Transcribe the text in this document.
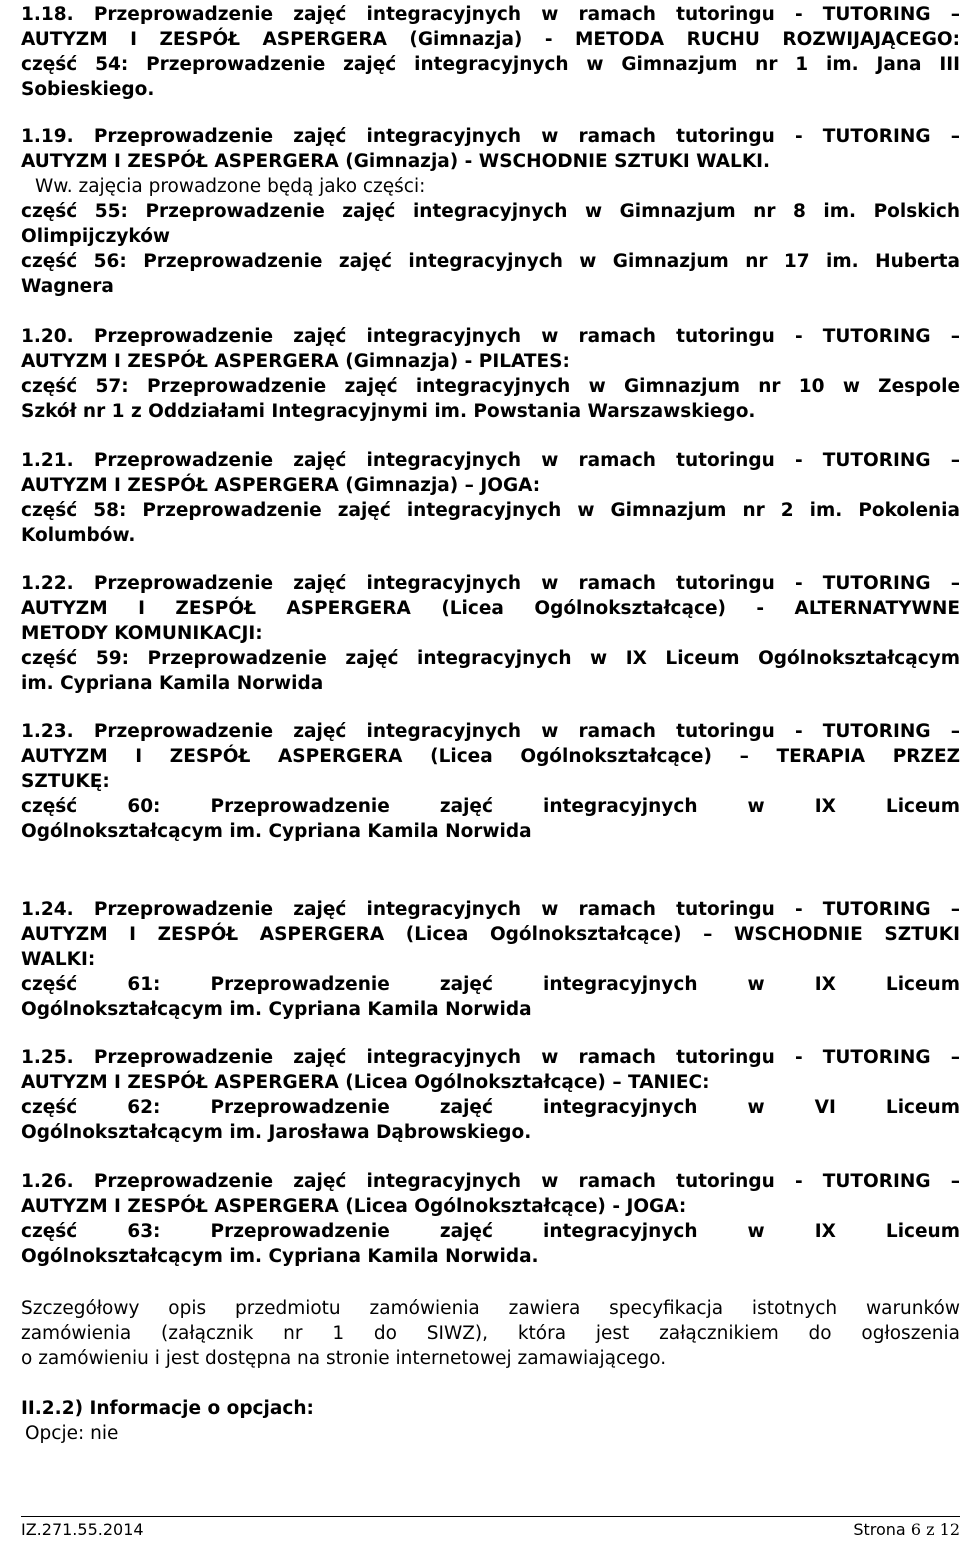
1.18. Przeprowadzenie zajęć integracyjnych w ramach tutoringu - TUTORING –
AUTYZM I ZESPÓŁ ASPERGERA (Gimnazja) - METODA RUCHU ROZWIJAJĄCEGO:
część 54: Przeprowadzenie zajęć integracyjnych w Gimnazjum nr 1 im. Jana III
Sobieskiego.
1.19. Przeprowadzenie zajęć integracyjnych w ramach tutoringu - TUTORING –
AUTYZM I ZESPÓŁ ASPERGERA (Gimnazja) - WSCHODNIE SZTUKI WALKI.
Ww. zajęcia prowadzone będą jako części:
część 55: Przeprowadzenie zajęć integracyjnych w Gimnazjum nr 8 im. Polskich
Olimpijczyków
część 56: Przeprowadzenie zajęć integracyjnych w Gimnazjum nr 17 im. Huberta
Wagnera
1.20. Przeprowadzenie zajęć integracyjnych w ramach tutoringu - TUTORING –
AUTYZM I ZESPÓŁ ASPERGERA (Gimnazja) - PILATES:
część 57: Przeprowadzenie zajęć integracyjnych w Gimnazjum nr 10 w Zespole
Szkół nr 1 z Oddziałami Integracyjnymi im. Powstania Warszawskiego.
1.21. Przeprowadzenie zajęć integracyjnych w ramach tutoringu - TUTORING –
AUTYZM I ZESPÓŁ ASPERGERA (Gimnazja) – JOGA:
część 58: Przeprowadzenie zajęć integracyjnych w Gimnazjum nr 2 im. Pokolenia
Kolumbów.
1.22. Przeprowadzenie zajęć integracyjnych w ramach tutoringu - TUTORING –
AUTYZM I ZESPÓŁ ASPERGERA (Licea Ogólnokształcące) - ALTERNATYWNE
METODY KOMUNIKACJI:
część 59: Przeprowadzenie zajęć integracyjnych w IX Liceum Ogólnokształcącym
im. Cypriana Kamila Norwida
1.23. Przeprowadzenie zajęć integracyjnych w ramach tutoringu - TUTORING –
AUTYZM I ZESPÓŁ ASPERGERA (Licea Ogólnokształcące) – TERAPIA PRZEZ
SZTUKĘ:
część 60: Przeprowadzenie zajęć integracyjnych w IX Liceum
Ogólnokształcącym im. Cypriana Kamila Norwida
1.24. Przeprowadzenie zajęć integracyjnych w ramach tutoringu - TUTORING –
AUTYZM I ZESPÓŁ ASPERGERA (Licea Ogólnokształcące) – WSCHODNIE SZTUKI
WALKI:
część 61: Przeprowadzenie zajęć integracyjnych w IX Liceum
Ogólnokształcącym im. Cypriana Kamila Norwida
1.25. Przeprowadzenie zajęć integracyjnych w ramach tutoringu - TUTORING –
AUTYZM I ZESPÓŁ ASPERGERA (Licea Ogólnokształcące) – TANIEC:
część 62: Przeprowadzenie zajęć integracyjnych w VI Liceum
Ogólnokształcącym im. Jarosława Dąbrowskiego.
1.26. Przeprowadzenie zajęć integracyjnych w ramach tutoringu - TUTORING –
AUTYZM I ZESPÓŁ ASPERGERA (Licea Ogólnokształcące) - JOGA:
część 63: Przeprowadzenie zajęć integracyjnych w IX Liceum
Ogólnokształcącym im. Cypriana Kamila Norwida.
Szczegółowy opis przedmiotu zamówienia zawiera specyfikacja istotnych warunków
zamówienia (załącznik nr 1 do SIWZ), która jest załącznikiem do ogłoszenia
o zamówieniu i jest dostępna na stronie internetowej zamawiającego.
II.2.2) Informacje o opcjach:
Opcje: nie
IZ.271.55.2014	Strona 6 z 12
